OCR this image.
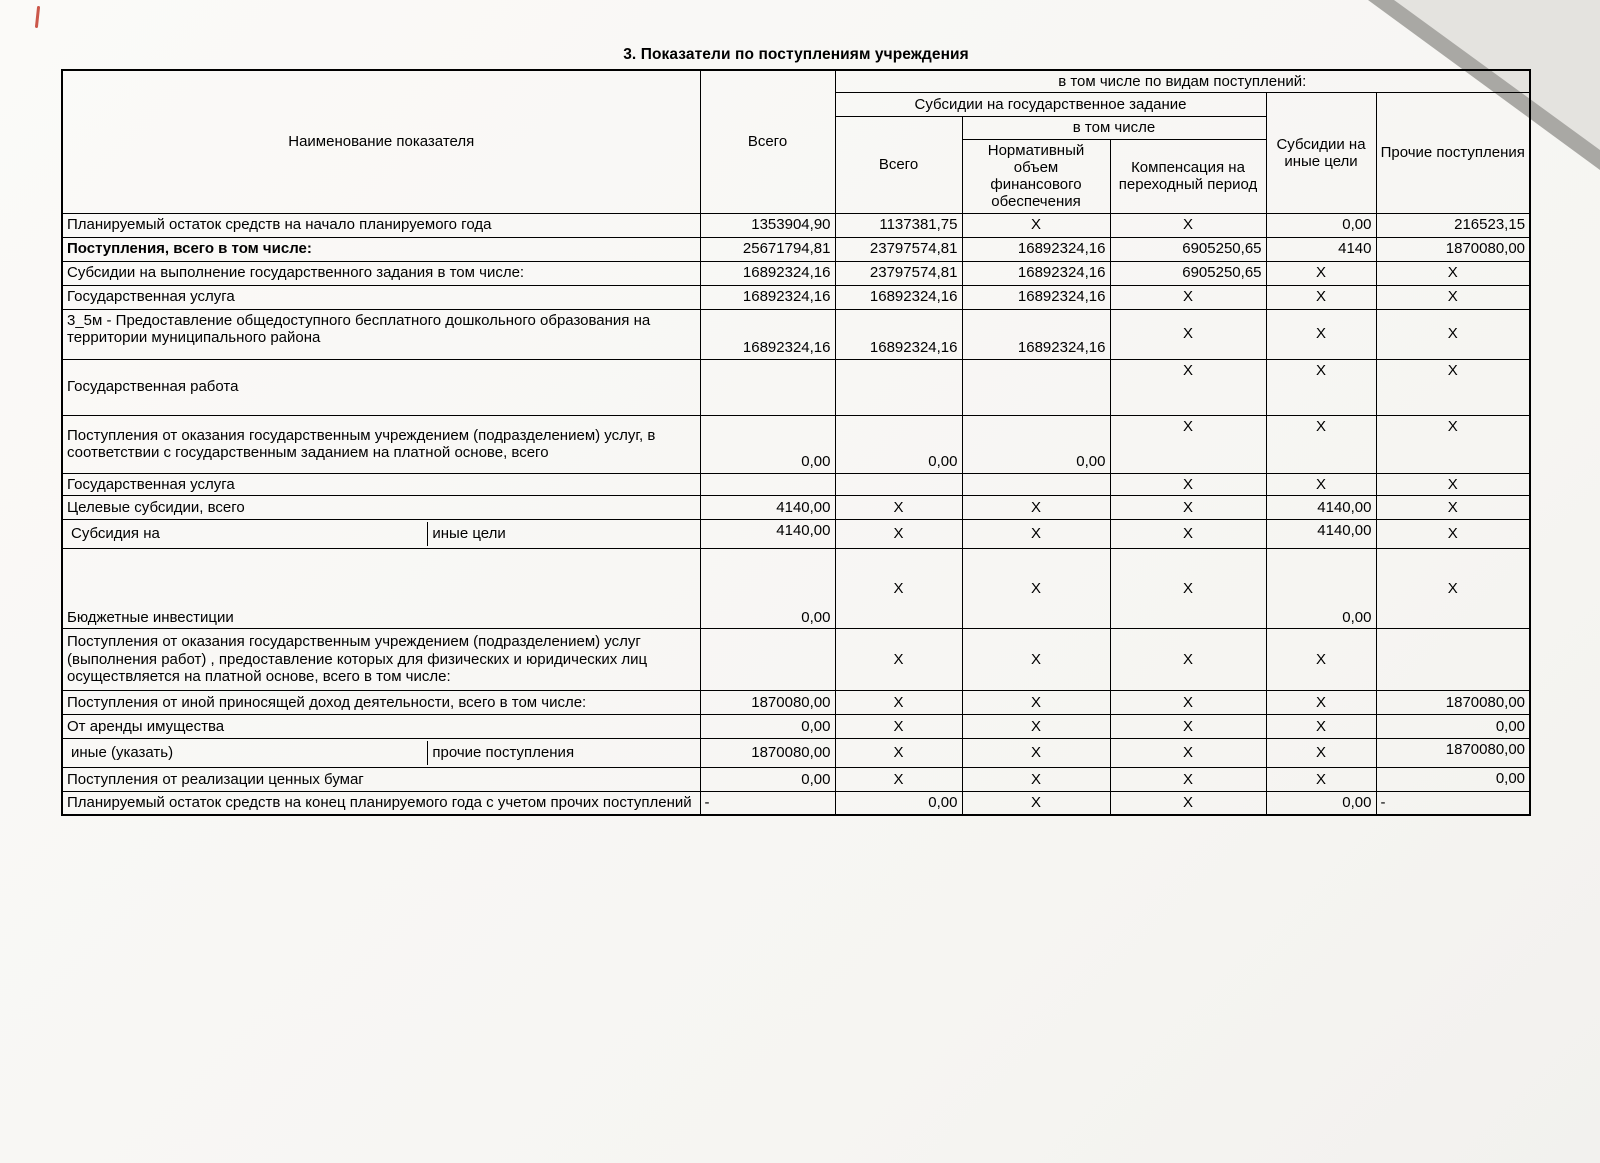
3. Показатели по поступлениям учреждения
Наименование показателя	Всего	в том числе по видам поступлений:				
		Субсидии на государственное задание			Субсидии на иные цели	Прочие поступления
		Всего	в том числе			
			Нормативный объем финансового обеспечения	Компенсация на переходный период		
Планируемый остаток средств на начало планируемого года	1353904,90	1137381,75	X	X	0,00	216523,15
Поступления, всего в том числе:	25671794,81	23797574,81	16892324,16	6905250,65	4140	1870080,00
Субсидии на выполнение государственного задания в том числе:	16892324,16	23797574,81	16892324,16	6905250,65	X	X
Государственная услуга	16892324,16	16892324,16	16892324,16	X	X	X
3_5м - Предоставление общедоступного бесплатного дошкольного образования на территории муниципального района	16892324,16	16892324,16	16892324,16	X	X	X
Государственная работа				X	X	X
Поступления от оказания государственным учреждением (подразделением) услуг, в соответствии с государственным заданием на платной основе, всего	0,00	0,00	0,00	X	X	X
Государственная услуга				X	X	X
Целевые субсидии, всего	4140,00	X	X	X	4140,00	X

Субсидия на иные цели	4140,00	X	X	X	4140,00	X
Бюджетные инвестиции	0,00	X	X	X	0,00	X
Поступления от оказания государственным учреждением (подразделением) услуг (выполнения работ) , предоставление которых для физических и юридических лиц осуществляется на платной основе, всего в том числе:		X	X	X	X	
Поступления от иной приносящей доход деятельности, всего в том числе:	1870080,00	X	X	X	X	1870080,00
От аренды имущества	0,00	X	X	X	X	0,00

иные (указать) прочие поступления	1870080,00	X	X	X	X	1870080,00
Поступления от реализации ценных бумаг	0,00	X	X	X	X	0,00
Планируемый остаток средств на конец планируемого года с учетом прочих поступлений	-	0,00	X	X	0,00	-
